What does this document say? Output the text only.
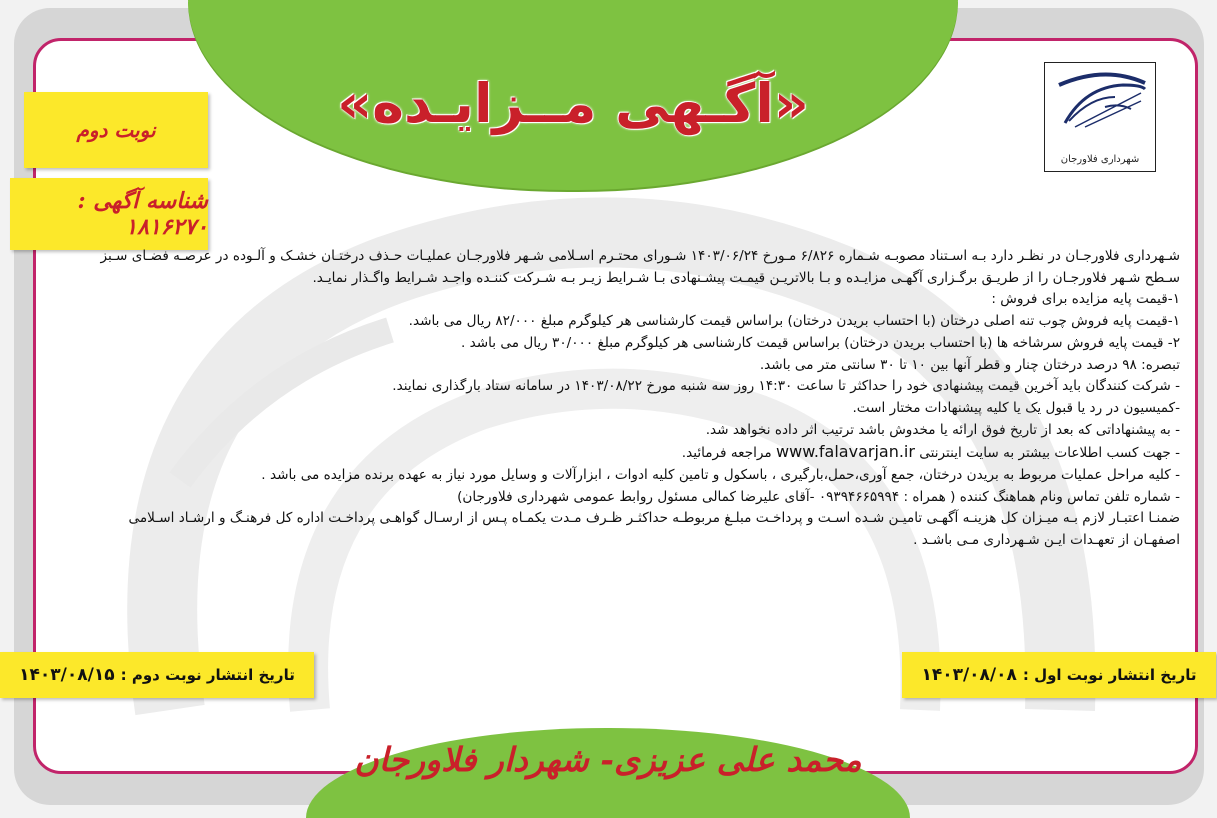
«آگـهی مــزایـده»
شهرداری فلاورجان
نوبت دوم
شناسه آگهی : ۱۸۱۶۲۷۰

شـهرداری فلاورجـان در نظـر دارد بـه اسـتناد مصوبـه شـماره ۶/۸۲۶ مـورخ ۱۴۰۳/۰۶/۲۴ شـورای محتـرم اسـلامی شـهر فلاورجـان عملیـات حـذف درختـان خشـک و آلـوده در عرصـه فضـای سـبز

سـطح شـهر فلاورجـان را از طریـق برگـزاری آگهـی مزایـده و بـا بالاتریـن قیمـت پیشـنهادی بـا شـرایط زیـر بـه شـرکت کننـده واجـد شـرایط واگـذار نمایـد.

۱-قیمت پایه مزایده برای فروش :

۱-قیمت پایه فروش چوب تنه اصلی درختان (با احتساب بریدن درختان) براساس قیمت کارشناسی هر کیلوگرم مبلغ ۸۲/۰۰۰ ریال می باشد.

۲- قیمت پایه فروش سرشاخه ها (با احتساب بریدن درختان) براساس قیمت کارشناسی هر کیلوگرم مبلغ ۳۰/۰۰۰ ریال می باشد .

تبصره: ۹۸ درصد درختان چنار و قطر آنها بین ۱۰ تا ۳۰ سانتی متر می باشد.

- شرکت کنندگان باید آخرین قیمت پیشنهادی خود را حداکثر تا ساعت ۱۴:۳۰ روز سه شنبه مورخ ۱۴۰۳/۰۸/۲۲ در سامانه ستاد بارگذاری نمایند.

-کمیسیون در رد یا قبول یک یا کلیه پیشنهادات مختار است.

- به پیشنهاداتی که بعد از تاریخ فوق ارائه یا مخدوش باشد ترتیب اثر داده نخواهد شد.

- جهت کسب اطلاعات بیشتر به سایت اینترنتی www.falavarjan.ir مراجعه فرمائید.

- کلیه مراحل عملیات مربوط به بریدن درختان، جمع آوری،حمل،بارگیری ، باسکول و تامین کلیه ادوات ، ابزارآلات و وسایل مورد نیاز به عهده برنده مزایده می باشد .

- شماره تلفن تماس ونام هماهنگ کننده ( همراه : ۰۹۳۹۴۶۶۵۹۹۴ -آقای علیرضا کمالی مسئول روابط عمومی شهرداری فلاورجان)

ضمنـا اعتبـار لازم بـه میـزان کل هزینـه آگهـی تامیـن شـده اسـت و پرداخـت مبلـغ مربوطـه حداکثـر ظـرف مـدت یکمـاه پـس از ارسـال گواهـی پرداخـت اداره کل فرهنـگ و ارشـاد اسـلامی

اصفهـان از تعهـدات ایـن شـهرداری مـی باشـد .

تاریخ انتشار نوبت اول :
۱۴۰۳/۰۸/۰۸
تاریخ انتشار نوبت دوم :
۱۴۰۳/۰۸/۱۵
محمد علی عزیزی- شهردار فلاورجان
